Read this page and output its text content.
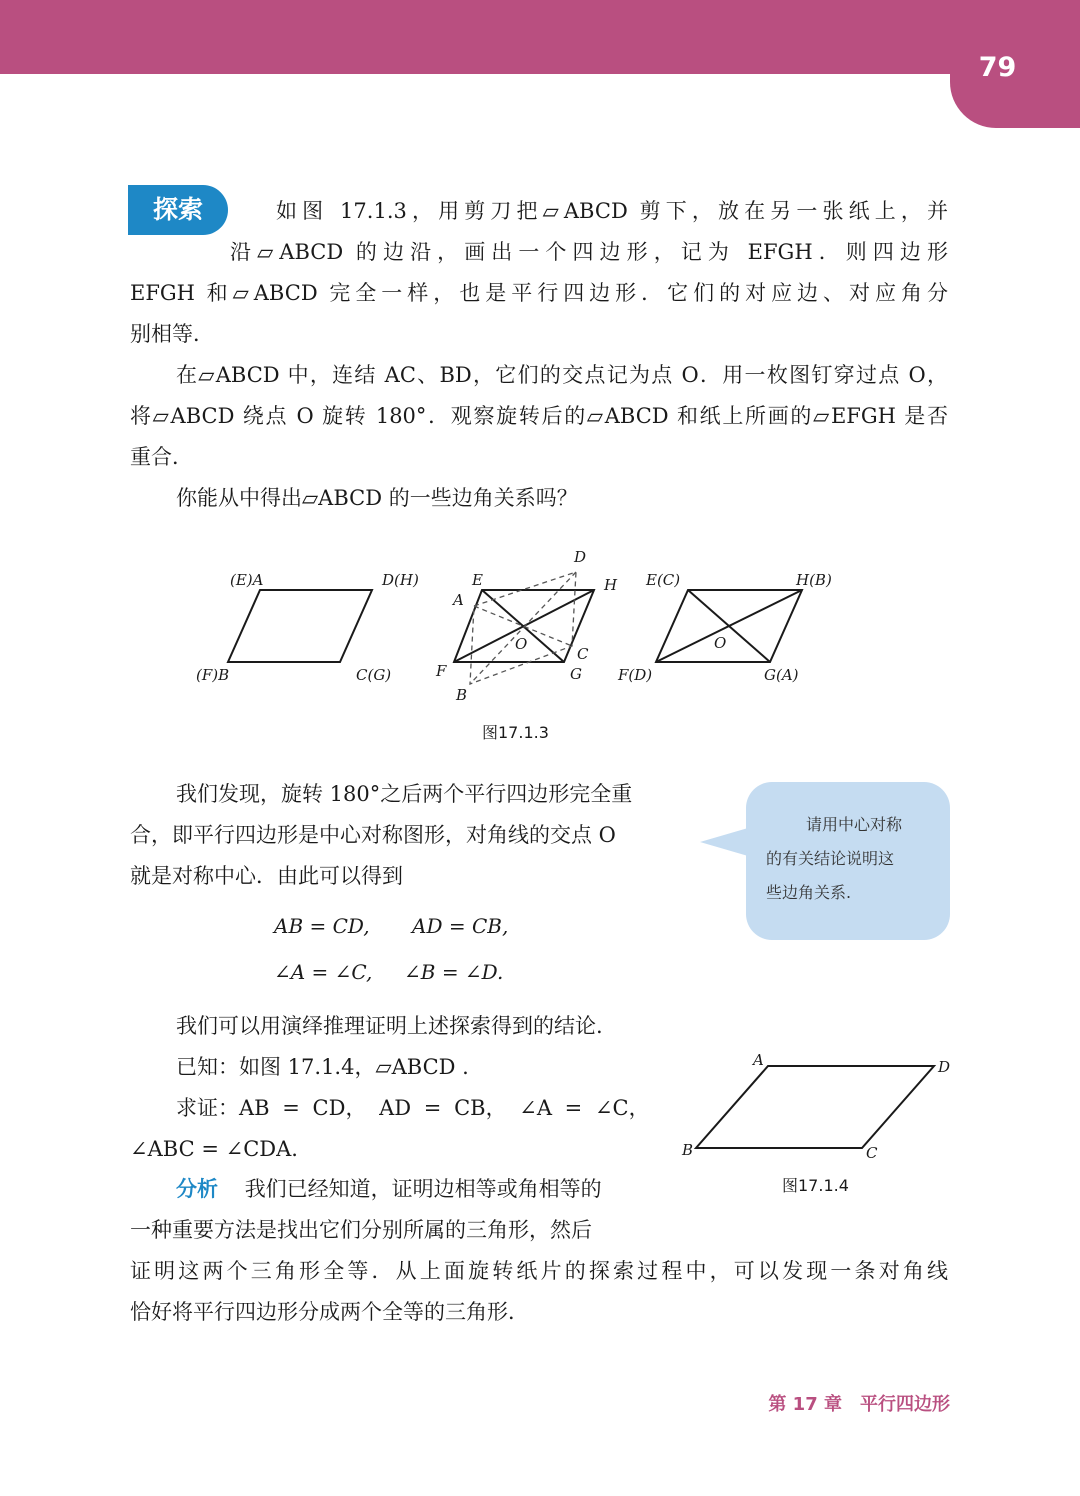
79
探索	如图 17.1.3，用剪刀把▱ABCD 剪下，放在另一张纸上，并
沿▱ABCD 的边沿，画出一个四边形，记为 EFGH．则四边形
EFGH 和▱ABCD 完全一样，也是平行四边形．它们的对应边、对应角分
别相等．
在▱ABCD 中，连结 AC、BD，它们的交点记为点 O．用一枚图钉穿过点 O，
将▱ABCD 绕点 O 旋转 180°．观察旋转后的▱ABCD 和纸上所画的▱EFGH 是否
重合．
你能从中得出▱ABCD 的一些边角关系吗？
(E)A	D(H)
(F)B	C(G)
D
E	H
A
O
C
F	G
B
E(C)	H(B)
O
F(D)	G(A)
图17.1.3
我们发现，旋转 180°之后两个平行四边形完全重
合，即平行四边形是中心对称图形，对角线的交点 O
就是对称中心．由此可以得到
请用中心对称
的有关结论说明这
些边角关系.
AB = CD, AD = CB,
∠A = ∠C, ∠B = ∠D.
我们可以用演绎推理证明上述探索得到的结论.
已知：如图 17.1.4，▱ABCD .
求证：AB = CD， AD = CB， ∠A = ∠C，
∠ABC = ∠CDA.
A	D
B	C
图17.1.4
分析 我们已经知道，证明边相等或角相等的
一种重要方法是找出它们分别所属的三角形，然后
证明这两个三角形全等．从上面旋转纸片的探索过程中，可以发现一条对角线
恰好将平行四边形分成两个全等的三角形．
第 17 章　平行四边形
